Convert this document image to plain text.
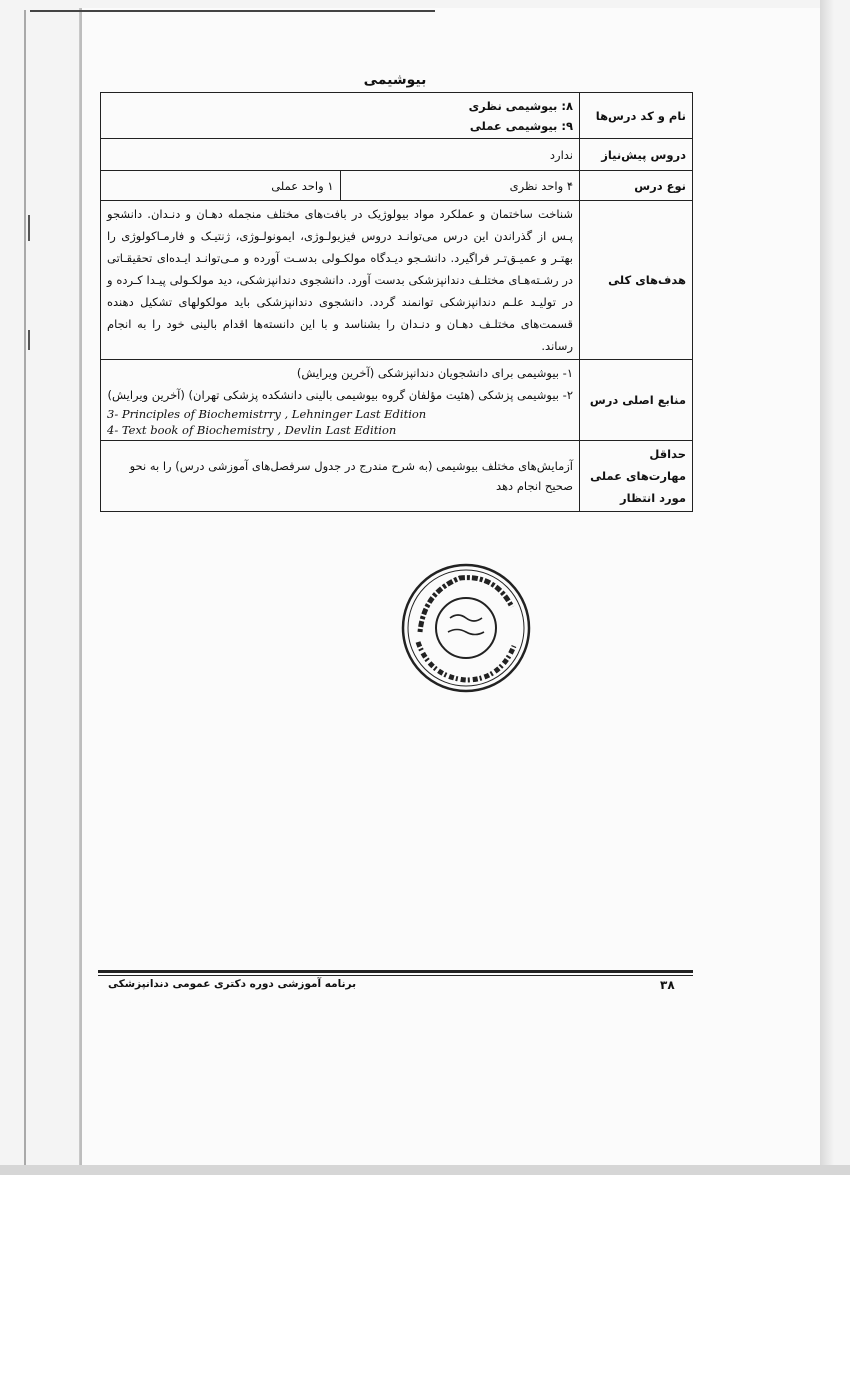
بیوشیمی
نام و کد درس‌ها	۸: بیوشیمی نظری
۹: بیوشیمی عملی	

دروس پیش‌نیاز	ندارد	
نوع درس	۴ واحد نظری	۱ واحد عملی
هدف‌های کلی	شناخت ساختمان و عملکرد مواد بیولوژیک در بافت‌های مختلف منجمله دهـان و دنـدان. دانشجو پـس از گذراندن این درس می‌توانـد دروس فیزیولـوژی، ایمونولـوژی، ژنتیـک و فارمـاکولوژی را بهتـر و عمیـق‌تـر فراگیرد. دانشـجو دیـدگاه مولکـولی بدسـت آورده و مـی‌توانـد ایـده‌ای تحقیقـاتی در رشـته‌هـای مختلـف دندانپزشکی بدست آورد. دانشجوی دندانپزشکی، دید مولکـولی پیـدا کـرده و در تولیـد علـم دندانپزشکی توانمند گردد. دانشجوی دندانپزشکی باید مولکولهای تشکیل دهنده قسمت‌های مختلـف دهـان و دنـدان را بشناسد و با این دانسته‌ها اقدام بالینی خود را به انجام رساند.	
منابع اصلی درس	۱- بیوشیمی برای دانشجویان دندانپزشکی (آخرین ویرایش)
۲- بیوشیمی پزشکی (هئیت مؤلفان گروه بیوشیمی بالینی دانشکده پزشکی تهران) (آخرین ویرایش)
3- Principles of Biochemistrry , Lehninger Last Edition
4- Text book of Biochemistry , Devlin Last Edition	

حداقل مهارت‌های عملی مورد انتظار	آزمایش‌های مختلف بیوشیمی (به شرح مندرج در جدول سرفصل‌های آموزشی درس) را به نحو صحیح انجام دهد	
برنامه آموزشی دوره دکتری عمومی دندانپزشکی	۳۸
